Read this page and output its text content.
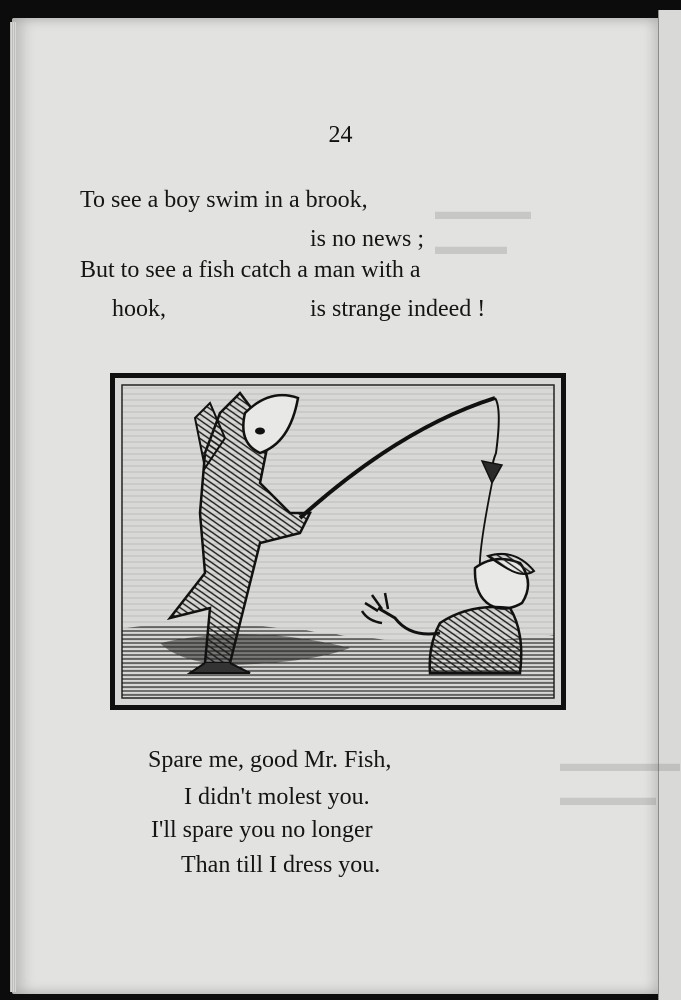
▬▬▬▬
▬▬▬
▬▬▬▬▬
▬▬▬▬
24
To see a boy swim in a brook,
is no news ;
But to see a fish catch a man with a
hook,	is strange indeed !
Spare me, good Mr. Fish,
I didn't molest you.
I'll spare you no longer
Than till I dress you.
